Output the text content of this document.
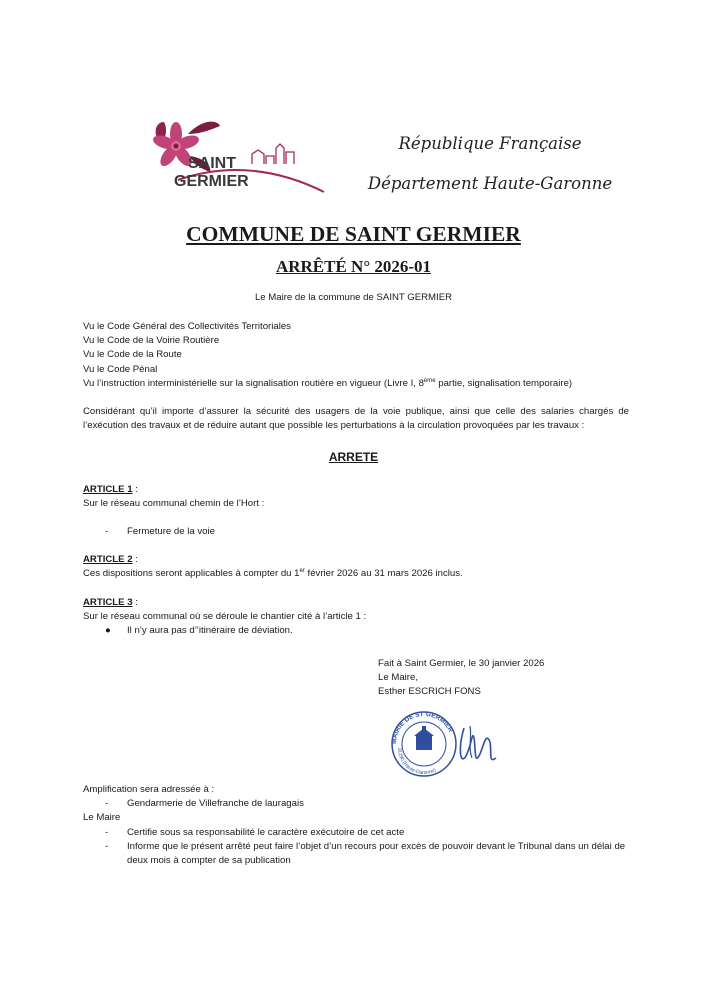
SAINT
GERMIER
République Française
Département Haute-Garonne
COMMUNE DE SAINT GERMIER
ARRÊTÉ N° 2026-01
Le Maire de la commune de SAINT GERMIER
Vu le Code Général des Collectivités Territoriales
Vu le Code de la Voirie Routière
Vu le Code de la Route
Vu le Code Pénal
Vu l’instruction interministérielle sur la signalisation routière en vigueur (Livre I, 8ème partie, signalisation temporaire)
Considérant qu’il importe d’assurer la sécurité des usagers de la voie publique, ainsi que celle des salaries chargés de l’exécution des travaux et de réduire autant que possible les perturbations à la circulation provoquées par les travaux :
ARRETE
ARTICLE 1 :
Sur le réseau communal chemin de l’Hort :
- Fermeture de la voie
ARTICLE 2 :
Ces dispositions seront applicables à compter du 1er février 2026 au 31 mars 2026 inclus.
ARTICLE 3 :
Sur le réseau communal où se déroule le chantier cité à l’article 1 :
● Il n’y aura pas d’’itinéraire de déviation.
Fait à Saint Germier, le 30 janvier 2026
Le Maire,
Esther ESCRICH FONS
MAIRIE DE ST GERMIER
31290 (Haute-Garonne)
Amplification sera adressée à :
- Gendarmerie de Villefranche de lauragais
Le Maire
- Certifie sous sa responsabilité le caractère exécutoire de cet acte
- Informe que le présent arrêté peut faire l’objet d’un recours pour excès de pouvoir devant le Tribunal dans un délai de deux mois à compter de sa publication
